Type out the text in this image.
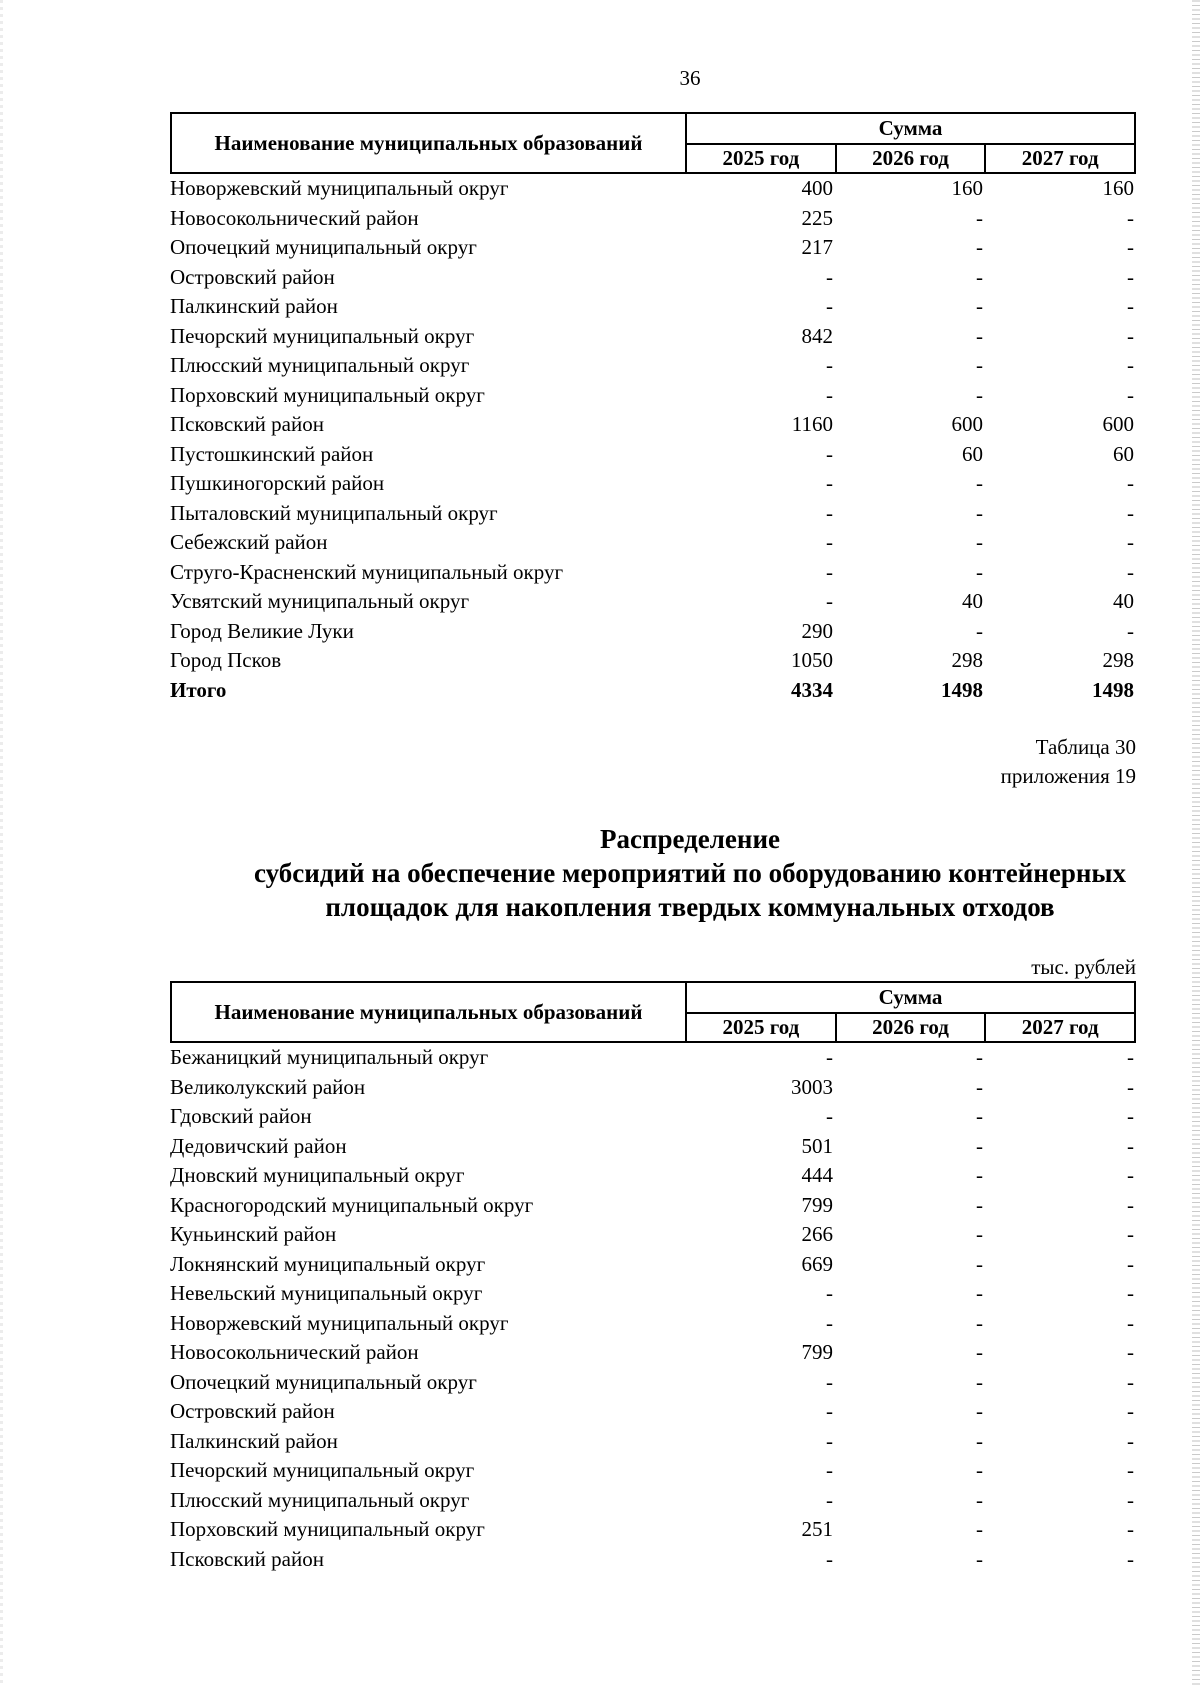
36
Наименование муниципальных образований
Сумма
2025 год	2026 год	2027 год
Новоржевский муниципальный округ	400	160	160
Новосокольнический район	225	-	-
Опочецкий муниципальный округ	217	-	-
Островский район	-	-	-
Палкинский район	-	-	-
Печорский муниципальный округ	842	-	-
Плюсский муниципальный округ	-	-	-
Порховский муниципальный округ	-	-	-
Псковский район	1160	600	600
Пустошкинский район	-	60	60
Пушкиногорский район	-	-	-
Пыталовский муниципальный округ	-	-	-
Себежский район	-	-	-
Струго-Красненский муниципальный округ	-	-	-
Усвятский муниципальный округ	-	40	40
Город Великие Луки	290	-	-
Город Псков	1050	298	298
Итого	4334	1498	1498
Таблица 30
приложения 19
Распределение
субсидий на обеспечение мероприятий по оборудованию контейнерных
площадок для накопления твердых коммунальных отходов
тыс. рублей
Наименование муниципальных образований
Сумма
2025 год	2026 год	2027 год
Бежаницкий муниципальный округ	-	-	-
Великолукский район	3003	-	-
Гдовский район	-	-	-
Дедовичский район	501	-	-
Дновский муниципальный округ	444	-	-
Красногородский муниципальный округ	799	-	-
Куньинский район	266	-	-
Локнянский муниципальный округ	669	-	-
Невельский муниципальный округ	-	-	-
Новоржевский муниципальный округ	-	-	-
Новосокольнический район	799	-	-
Опочецкий муниципальный округ	-	-	-
Островский район	-	-	-
Палкинский район	-	-	-
Печорский муниципальный округ	-	-	-
Плюсский муниципальный округ	-	-	-
Порховский муниципальный округ	251	-	-
Псковский район	-	-	-
